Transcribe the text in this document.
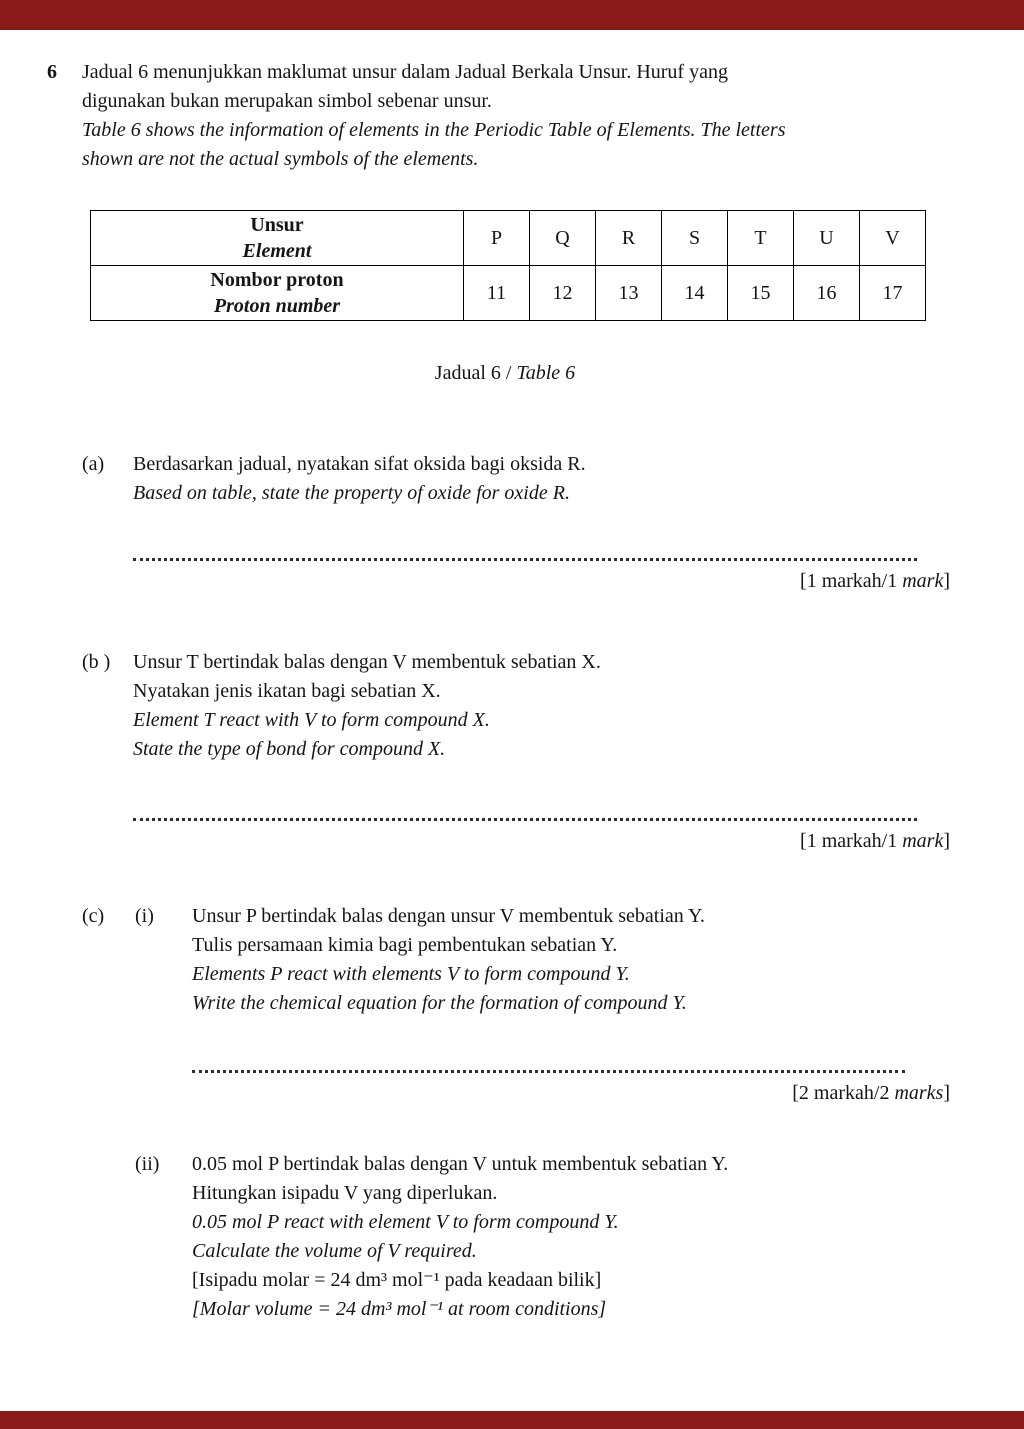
6	Jadual 6 menunjukkan maklumat unsur dalam Jadual Berkala Unsur. Huruf yang
digunakan bukan merupakan simbol sebenar unsur.
Table 6 shows the information of elements in the Periodic Table of Elements. The letters
shown are not the actual symbols of the elements.
Unsur
Element	P	Q	R	S	T	U	V

Nombor proton
Proton number	11	12	13	14	15	16	17
Jadual 6 / Table 6
(a)	Berdasarkan jadual, nyatakan sifat oksida bagi oksida R.
Based on table, state the property of oxide for oxide R.
[1 markah/1 mark]
(b )	Unsur T bertindak balas dengan V membentuk sebatian X.
Nyatakan jenis ikatan bagi sebatian X.
Element T react with V to form compound X.
State the type of bond for compound X.
[1 markah/1 mark]
(c)	(i)	Unsur P bertindak balas dengan unsur V membentuk sebatian Y.
Tulis persamaan kimia bagi pembentukan sebatian Y.
Elements P react with elements V to form compound Y.
Write the chemical equation for the formation of compound Y.
[2 markah/2 marks]
(ii)	0.05 mol P bertindak balas dengan V untuk membentuk sebatian Y.
Hitungkan isipadu V yang diperlukan.
0.05 mol P react with element V to form compound Y.
Calculate the volume of V required.
[Isipadu molar = 24 dm³ mol⁻¹ pada keadaan bilik]
[Molar volume = 24 dm³ mol⁻¹ at room conditions]
